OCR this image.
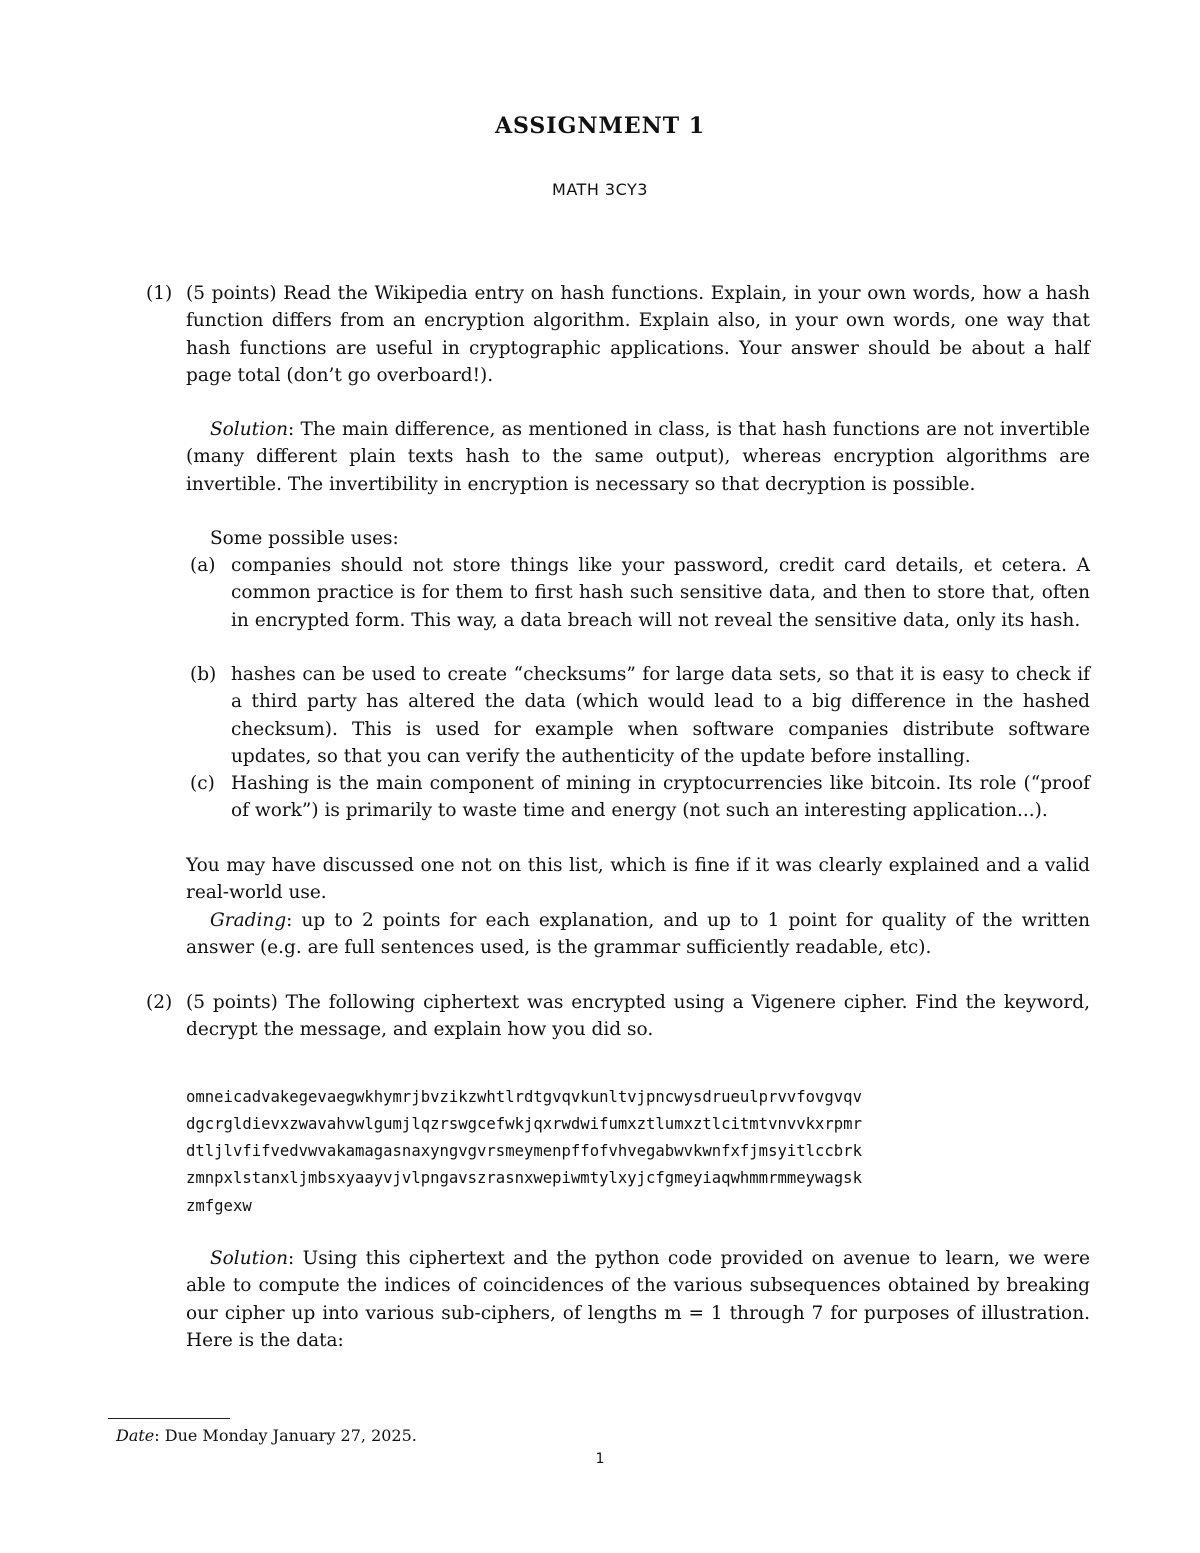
ASSIGNMENT 1
MATH 3CY3
(1) (5 points) Read the Wikipedia entry on hash functions. Explain, in your own words, how a hash function differs from an encryption algorithm. Explain also, in your own words, one way that hash functions are useful in cryptographic applications. Your answer should be about a half page total (don’t go overboard!).

Solution: The main difference, as mentioned in class, is that hash functions are not invertible (many different plain texts hash to the same output), whereas encryption algorithms are invertible. The invertibility in encryption is necessary so that decryption is possible.

Some possible uses:

(a) companies should not store things like your password, credit card details, et cetera. A common practice is for them to first hash such sensitive data, and then to store that, often in encrypted form. This way, a data breach will not reveal the sensitive data, only its hash.

(b) hashes can be used to create “checksums” for large data sets, so that it is easy to check if a third party has altered the data (which would lead to a big difference in the hashed checksum). This is used for example when software companies distribute software updates, so that you can verify the authenticity of the update before installing.

(c) Hashing is the main component of mining in cryptocurrencies like bitcoin. Its role (“proof of work”) is primarily to waste time and energy (not such an interesting application...).

You may have discussed one not on this list, which is fine if it was clearly explained and a valid real-world use.

Grading: up to 2 points for each explanation, and up to 1 point for quality of the written answer (e.g. are full sentences used, is the grammar sufficiently readable, etc).

(2) (5 points) The following ciphertext was encrypted using a Vigenere cipher. Find the keyword, decrypt the message, and explain how you did so.

omneicadvakegevaegwkhymrjbvzikzwhtlrdtgvqvkunltvjpncwysdrueulprvvfovgvqv
dgcrgldievxzwavahvwlgumjlqzrswgcefwkjqxrwdwifumxztlumxztlcitmtvnvvkxrpmr
dtljlvfifvedvwvakamagasnaxyngvgvrsmeymenpffofvhvegabwvkwnfxfjmsyitlccbrk
zmnpxlstanxljmbsxyaayvjvlpngavszrasnxwepiwmtylxyjcfgmeyiaqwhmmrmmeywagsk
zmfgexw

Solution: Using this ciphertext and the python code provided on avenue to learn, we were able to compute the indices of coincidences of the various subsequences obtained by breaking our cipher up into various sub-ciphers, of lengths m = 1 through 7 for purposes of illustration. Here is the data:

Date: Due Monday January 27, 2025.
1
